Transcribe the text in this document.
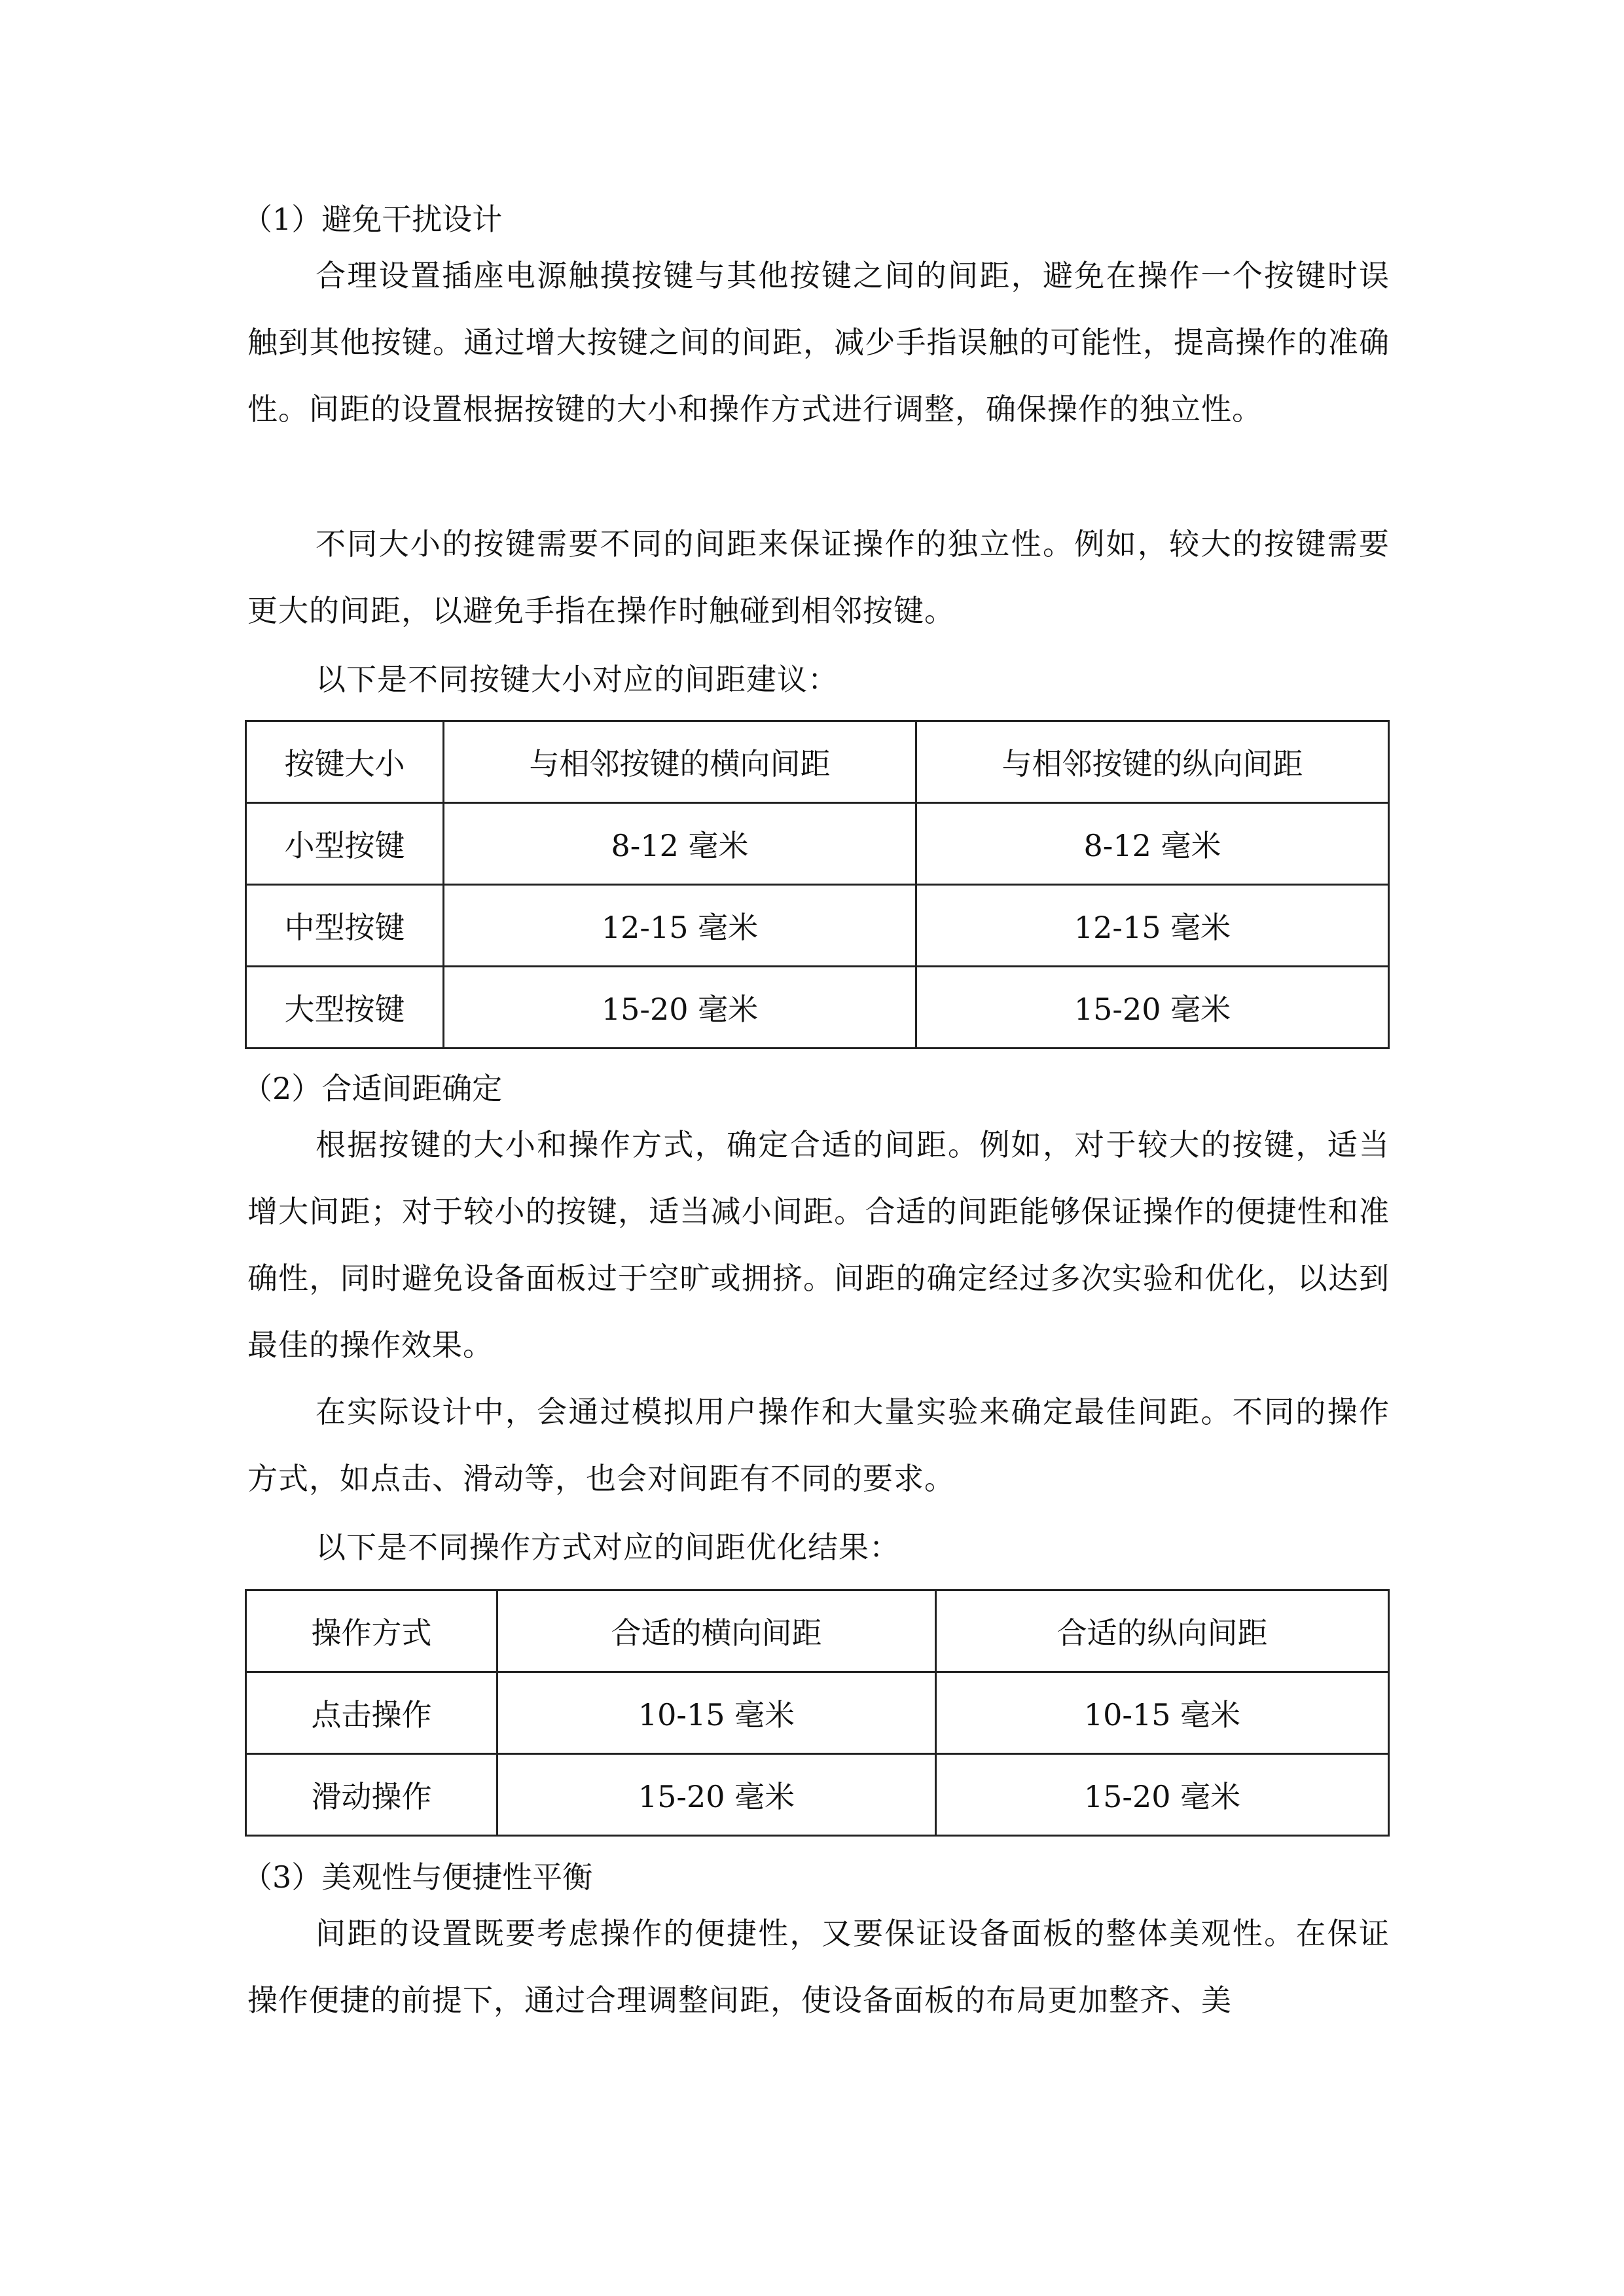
（1）避免干扰设计
合理设置插座电源触摸按键与其他按键之间的间距，避免在操作一个按键时误触到其他按键。通过增大按键之间的间距，减少手指误触的可能性，提高操作的准确性。间距的设置根据按键的大小和操作方式进行调整，确保操作的独立性。
不同大小的按键需要不同的间距来保证操作的独立性。例如，较大的按键需要更大的间距，以避免手指在操作时触碰到相邻按键。
以下是不同按键大小对应的间距建议：
按键大小	与相邻按键的横向间距	与相邻按键的纵向间距
小型按键	8-12 毫米	8-12 毫米
中型按键	12-15 毫米	12-15 毫米
大型按键	15-20 毫米	15-20 毫米
（2）合适间距确定
根据按键的大小和操作方式，确定合适的间距。例如，对于较大的按键，适当增大间距；对于较小的按键，适当减小间距。合适的间距能够保证操作的便捷性和准确性，同时避免设备面板过于空旷或拥挤。间距的确定经过多次实验和优化，以达到最佳的操作效果。
在实际设计中，会通过模拟用户操作和大量实验来确定最佳间距。不同的操作方式，如点击、滑动等，也会对间距有不同的要求。
以下是不同操作方式对应的间距优化结果：
操作方式	合适的横向间距	合适的纵向间距
点击操作	10-15 毫米	10-15 毫米
滑动操作	15-20 毫米	15-20 毫米
（3）美观性与便捷性平衡
间距的设置既要考虑操作的便捷性，又要保证设备面板的整体美观性。在保证操作便捷的前提下，通过合理调整间距，使设备面板的布局更加整齐、美
